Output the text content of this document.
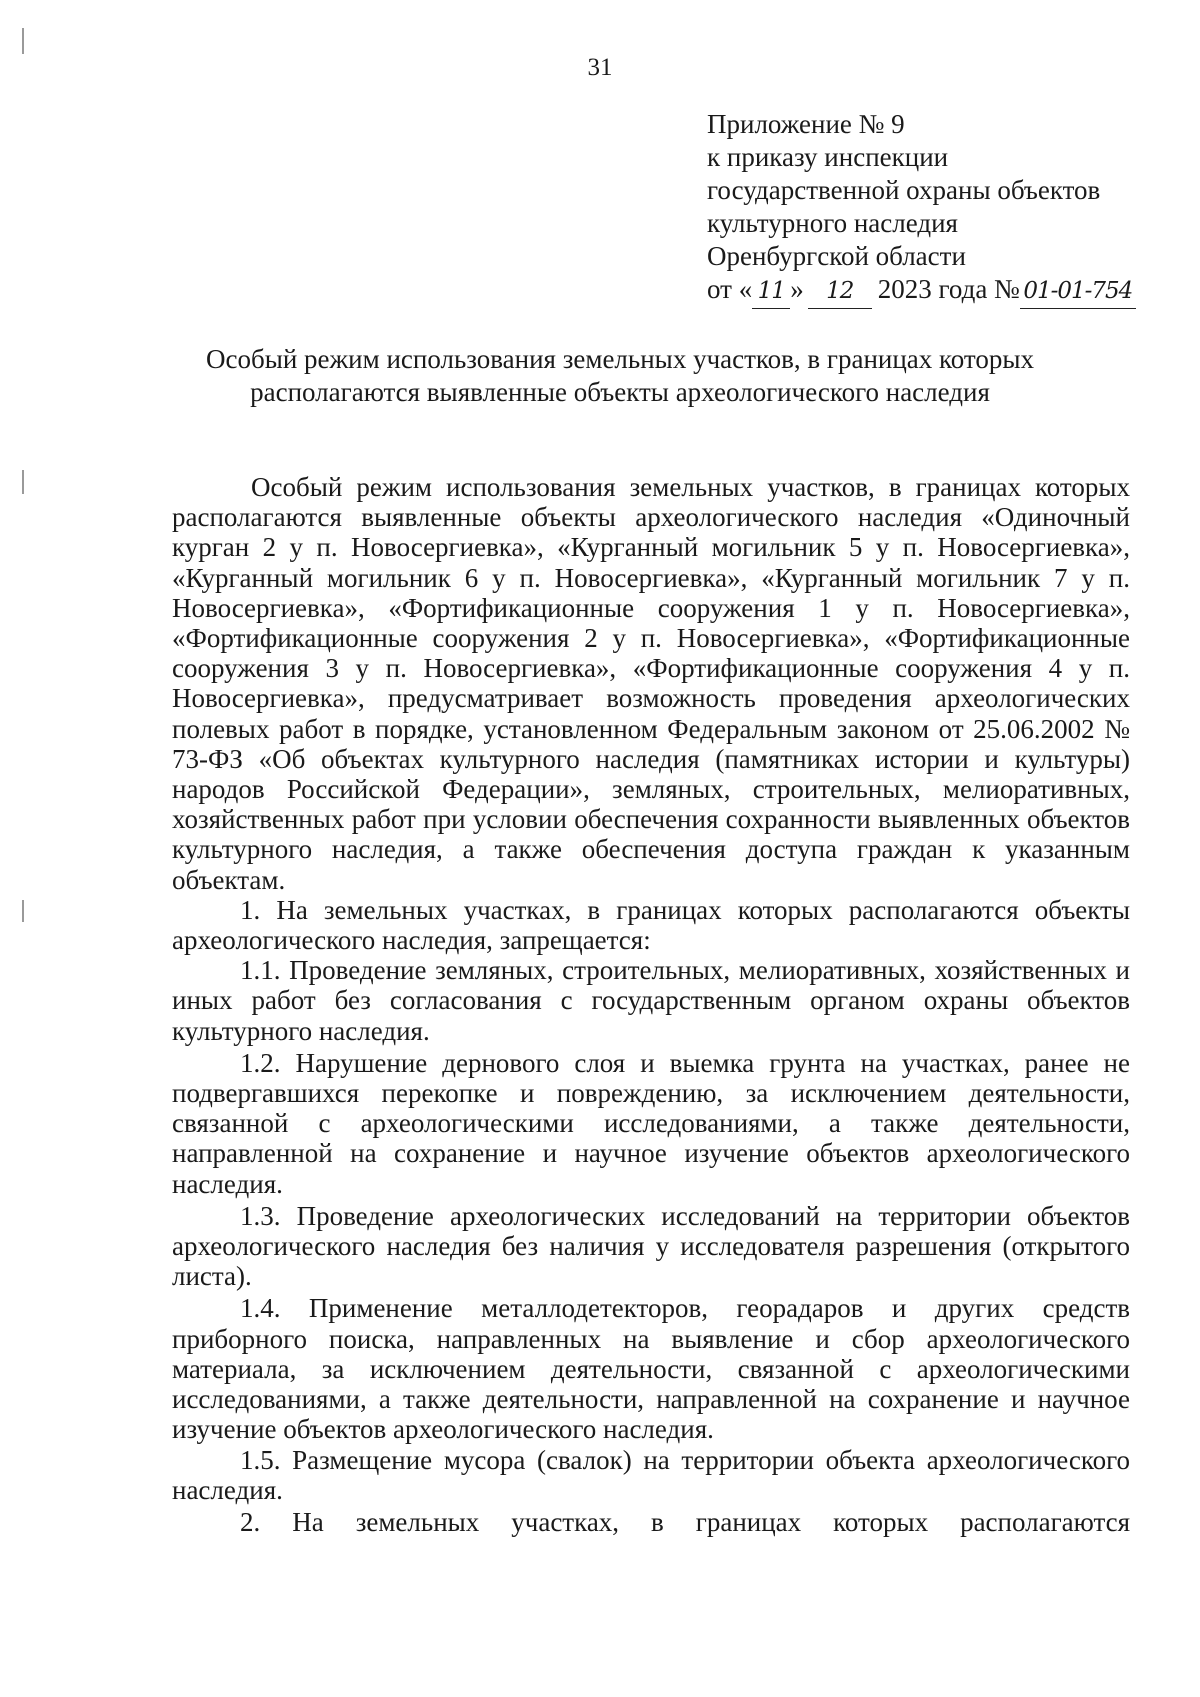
31
Приложение № 9
к приказу инспекции
государственной охраны объектов
культурного наследия
Оренбургской области
от « 11 » 12 2023 года № 01-01-754
Особый режим использования земельных участков, в границах которых
располагаются выявленные объекты археологического наследия

Особый режим использования земельных участков, в границах которых располагаются выявленные объекты археологического наследия «Одиночный курган 2 у п. Новосергиевка», «Курганный могильник 5 у п. Новосергиевка», «Курганный могильник 6 у п. Новосергиевка», «Курганный могильник 7 у п. Новосергиевка», «Фортификационные сооружения 1 у п. Новосергиевка», «Фортификационные сооружения 2 у п. Новосергиевка», «Фортификационные сооружения 3 у п. Новосергиевка», «Фортификационные сооружения 4 у п. Новосергиевка», предусматривает возможность проведения археологических полевых работ в порядке, установленном Федеральным законом от 25.06.2002 № 73-ФЗ «Об объектах культурного наследия (памятниках истории и культуры) народов Российской Федерации», земляных, строительных, мелиоративных, хозяйственных работ при условии обеспечения сохранности выявленных объектов культурного наследия, а также обеспечения доступа граждан к указанным объектам.

1. На земельных участках, в границах которых располагаются объекты археологического наследия, запрещается:

1.1. Проведение земляных, строительных, мелиоративных, хозяйственных и иных работ без согласования с государственным органом охраны объектов культурного наследия.

1.2. Нарушение дернового слоя и выемка грунта на участках, ранее не подвергавшихся перекопке и повреждению, за исключением деятельности, связанной с археологическими исследованиями, а также деятельности, направленной на сохранение и научное изучение объектов археологического наследия.

1.3. Проведение археологических исследований на территории объектов археологического наследия без наличия у исследователя разрешения (открытого листа).

1.4. Применение металлодетекторов, георадаров и других средств приборного поиска, направленных на выявление и сбор археологического материала, за исключением деятельности, связанной с археологическими исследованиями, а также деятельности, направленной на сохранение и научное изучение объектов археологического наследия.

1.5. Размещение мусора (свалок) на территории объекта археологического наследия.

2. На земельных участках, в границах которых располагаются
